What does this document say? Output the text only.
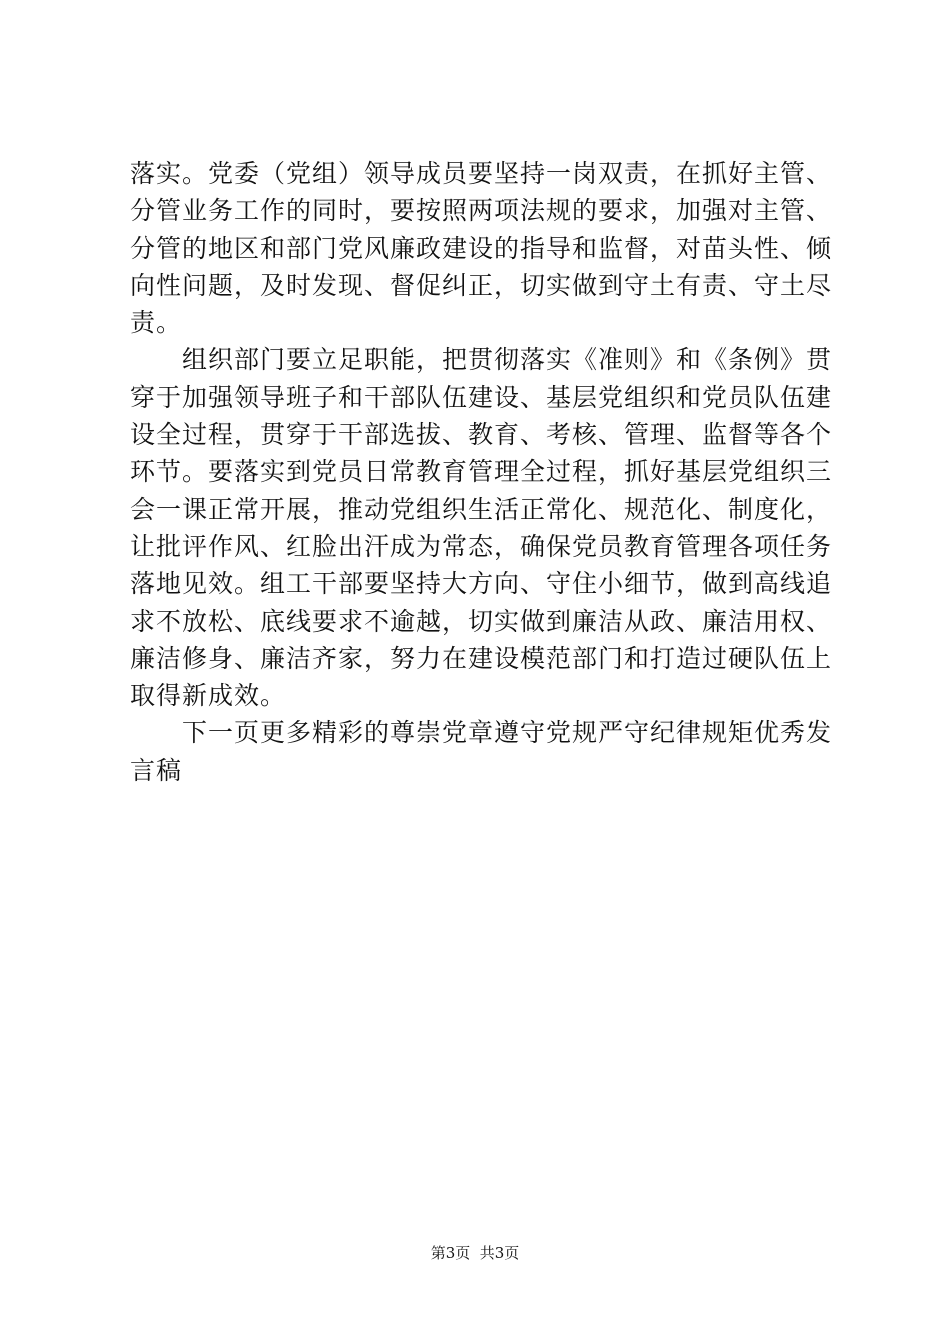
落实。党委（党组）领导成员要坚持一岗双责，在抓好主管、
分管业务工作的同时，要按照两项法规的要求，加强对主管、
分管的地区和部门党风廉政建设的指导和监督，对苗头性、倾
向性问题，及时发现、督促纠正，切实做到守土有责、守土尽
责。
　　组织部门要立足职能，把贯彻落实《准则》和《条例》贯
穿于加强领导班子和干部队伍建设、基层党组织和党员队伍建
设全过程，贯穿于干部选拔、教育、考核、管理、监督等各个
环节。要落实到党员日常教育管理全过程，抓好基层党组织三
会一课正常开展，推动党组织生活正常化、规范化、制度化，
让批评作风、红脸出汗成为常态，确保党员教育管理各项任务
落地见效。组工干部要坚持大方向、守住小细节，做到高线追
求不放松、底线要求不逾越，切实做到廉洁从政、廉洁用权、
廉洁修身、廉洁齐家，努力在建设模范部门和打造过硬队伍上
取得新成效。
　　下一页更多精彩的尊崇党章遵守党规严守纪律规矩优秀发
言稿
第3页  共3页
